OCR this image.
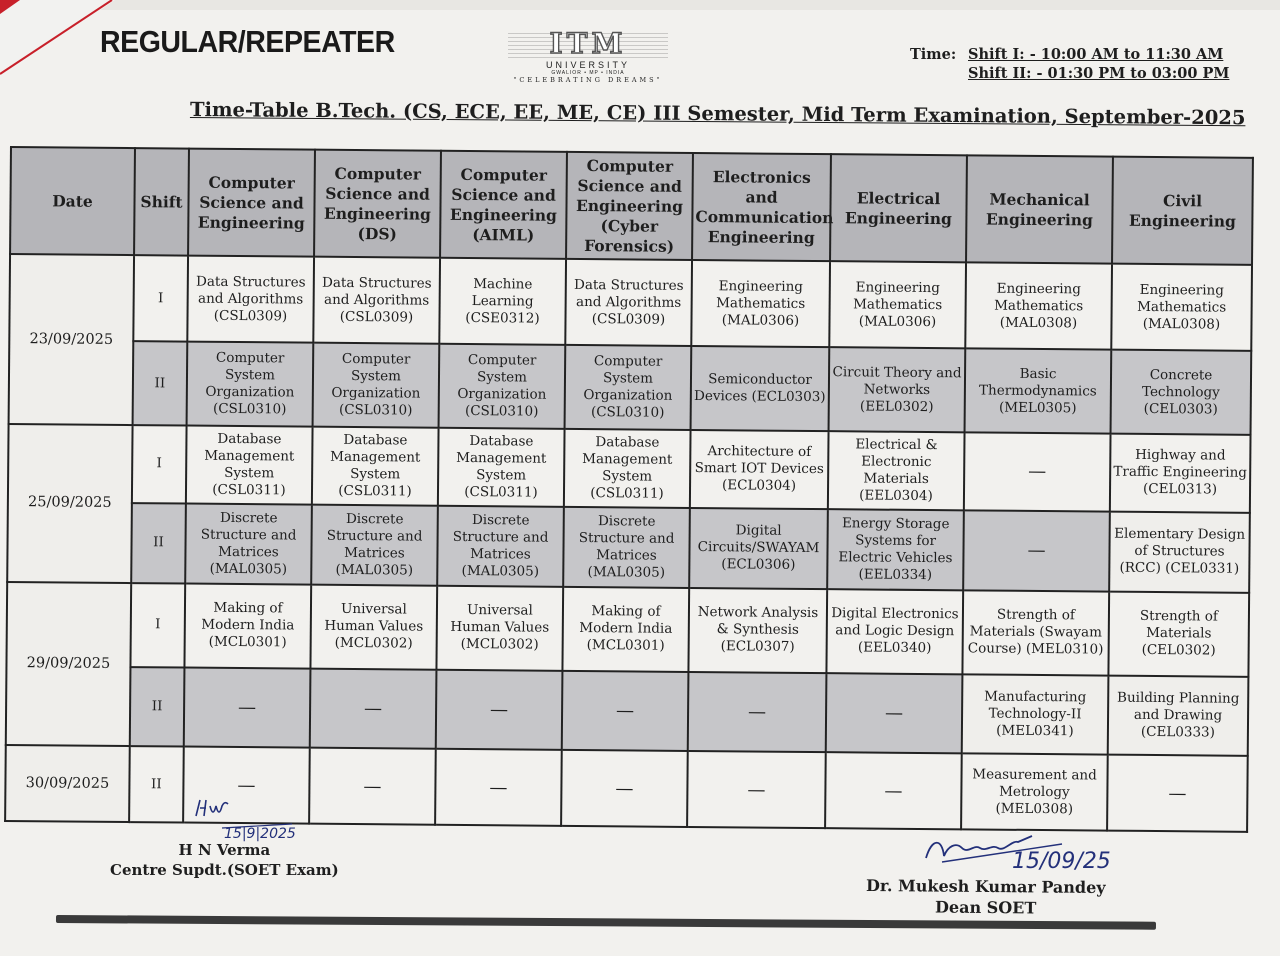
REGULAR/REPEATER	ITM
UNIVERSITY
GWALIOR • MP • INDIA
"CELEBRATING DREAMS"
Time: Shift I: - 10:00 AM to 11:30 AM
Shift II: - 01:30 PM to 03:00 PM
Time-Table B.Tech. (CS, ECE, EE, ME, CE) III Semester, Mid Term Examination, September-2025
Date	Shift	Computer Science and Engineering	Computer Science and Engineering (DS)	Computer Science and Engineering (AIML)	Computer Science and Engineering (Cyber Forensics)	Electronics and Communication Engineering	Electrical Engineering	Mechanical Engineering	Civil Engineering
23/09/2025	I	Data Structures and Algorithms (CSL0309)	Data Structures and Algorithms (CSL0309)	Machine Learning (CSE0312)	Data Structures and Algorithms (CSL0309)	Engineering Mathematics (MAL0306)	Engineering Mathematics (MAL0306)	Engineering Mathematics (MAL0308)	Engineering Mathematics (MAL0308)
	II	Computer System Organization (CSL0310)	Computer System Organization (CSL0310)	Computer System Organization (CSL0310)	Computer System Organization (CSL0310)	Semiconductor Devices (ECL0303)	Circuit Theory and Networks (EEL0302)	Basic Thermodynamics (MEL0305)	Concrete Technology (CEL0303)
25/09/2025	I	Database Management System (CSL0311)	Database Management System (CSL0311)	Database Management System (CSL0311)	Database Management System (CSL0311)	Architecture of Smart IOT Devices (ECL0304)	Electrical & Electronic Materials (EEL0304)	—	Highway and Traffic Engineering (CEL0313)
	II	Discrete Structure and Matrices (MAL0305)	Discrete Structure and Matrices (MAL0305)	Discrete Structure and Matrices (MAL0305)	Discrete Structure and Matrices (MAL0305)	Digital Circuits/SWAYAM (ECL0306)	Energy Storage Systems for Electric Vehicles (EEL0334)	—	Elementary Design of Structures (RCC) (CEL0331)
29/09/2025	I	Making of Modern India (MCL0301)	Universal Human Values (MCL0302)	Universal Human Values (MCL0302)	Making of Modern India (MCL0301)	Network Analysis & Synthesis (ECL0307)	Digital Electronics and Logic Design (EEL0340)	Strength of Materials (Swayam Course) (MEL0310)	Strength of Materials (CEL0302)
	II	—	—	—	—	—	—	Manufacturing Technology-II (MEL0341)	Building Planning and Drawing (CEL0333)
30/09/2025	II	—	—	—	—	—	—	Measurement and Metrology (MEL0308)	—
15|9|2025
H N Verma
Centre Supdt.(SOET Exam)	15/09/25
Dr. Mukesh Kumar Pandey
Dean SOET
